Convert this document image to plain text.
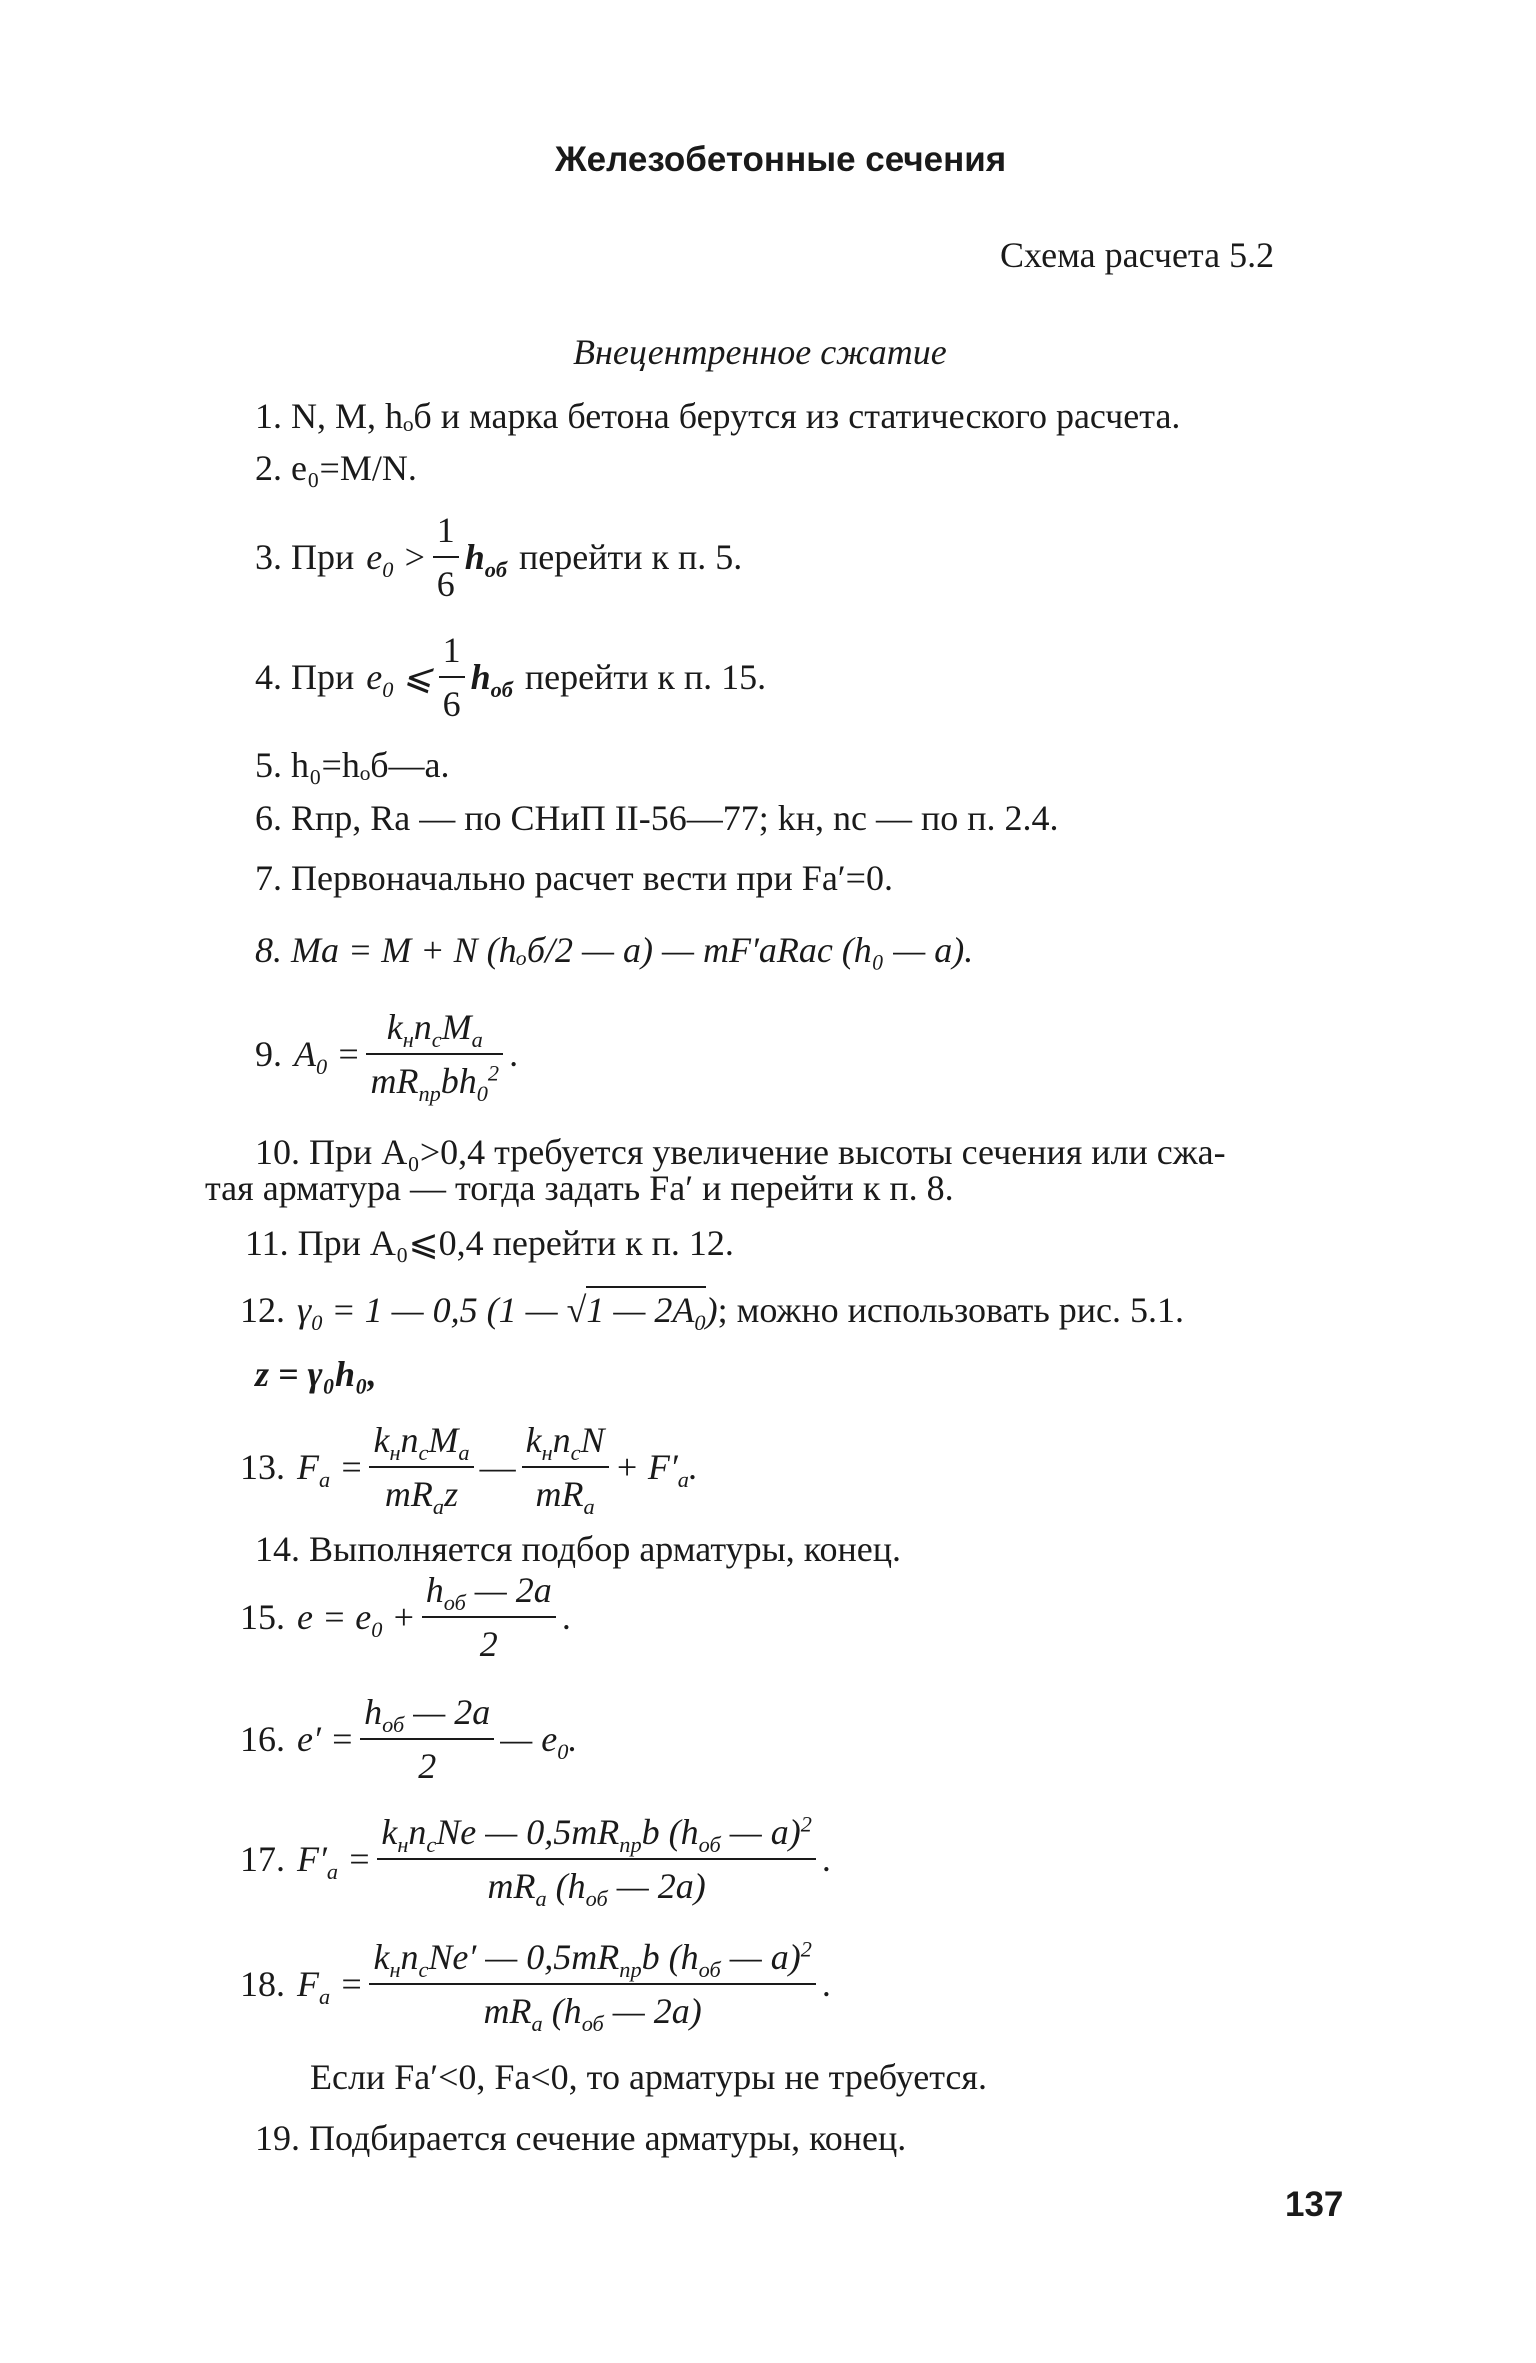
Железобетонные сечения
Схема расчета 5.2
Внецентренное сжатие
1. N, M, hₒб и марка бетона берутся из статического расчета.
2. e₀=M/N.
3. При $e_0 > \frac{1}{6} h_{об}$ перейти к п. 5.
4. При $e_0$ ⩽ $\frac{1}{6} h_{об}$ перейти к п. 15.
5. h₀=hₒб—a.
6. Rпр, Rа — по СНиП II-56—77; kн, nс — по п. 2.4.
7. Первоначально расчет вести при Fа′=0.
8. Mа = M + N (hₒб/2 — a) — mF′аRас (h₀ — a).
9. $A_0 = \frac{k_нn_сM_а}{mR_{пр}bh_0^2}$ .
10. При A₀>0,4 требуется увеличение высоты сечения или сжа-
тая арматура — тогда задать Fа′ и перейти к п. 8.
11. При A₀⩽0,4 перейти к п. 12.
12. $\gamma_0 = 1$ — 0,5 (1 — √1 — $2A_0$) ; можно использовать рис. 5.1.
z = γ₀h₀,
13. $F_а = \frac{k_нn_сM_а}{mR_аz}$ — $\frac{k_нn_сN}{mR_а} + F'_а$.
14. Выполняется подбор арматуры, конец.
15. $e = e_0 + \frac{h_{об} — 2a}{2}$ .
16. $e' = \frac{h_{об} — 2a}{2}$ — $e_0$.
17. $F'_а = \frac{k_нn_сNe — 0,5mR_{пр}b (h_{об} — a)^2}{mR_а (h_{об} — 2a)}$ .
18. $F_а = \frac{k_нn_сNe' — 0,5mR_{пр}b (h_{об} — a)^2}{mR_а (h_{об} — 2a)}$ .
Если Fа′<0, Fа<0, то арматуры не требуется.
19. Подбирается сечение арматуры, конец.
137
